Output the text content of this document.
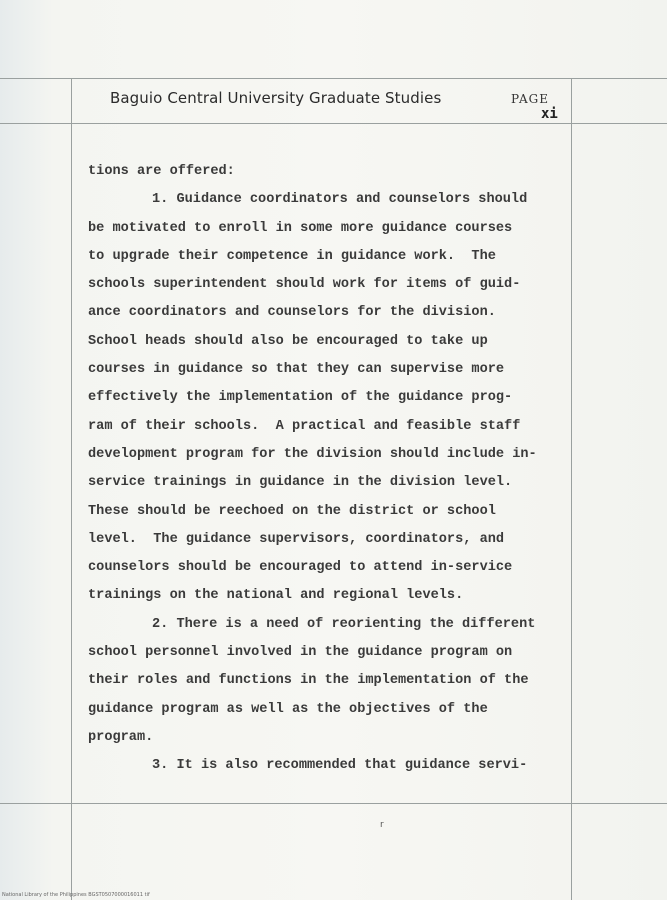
Baguio Central University Graduate Studies	PAGE
xi
tions are offered:
1. Guidance coordinators and counselors should
be motivated to enroll in some more guidance courses
to upgrade their competence in guidance work.  The
schools superintendent should work for items of guid-
ance coordinators and counselors for the division.
School heads should also be encouraged to take up
courses in guidance so that they can supervise more
effectively the implementation of the guidance prog-
ram of their schools.  A practical and feasible staff
development program for the division should include in-
service trainings in guidance in the division level.
These should be reechoed on the district or school
level.  The guidance supervisors, coordinators, and
counselors should be encouraged to attend in-service
trainings on the national and regional levels.
2. There is a need of reorienting the different
school personnel involved in the guidance program on
their roles and functions in the implementation of the
guidance program as well as the objectives of the
program.
3. It is also recommended that guidance servi-
r
National Library of the Philippines BGST0507000016011 tif
